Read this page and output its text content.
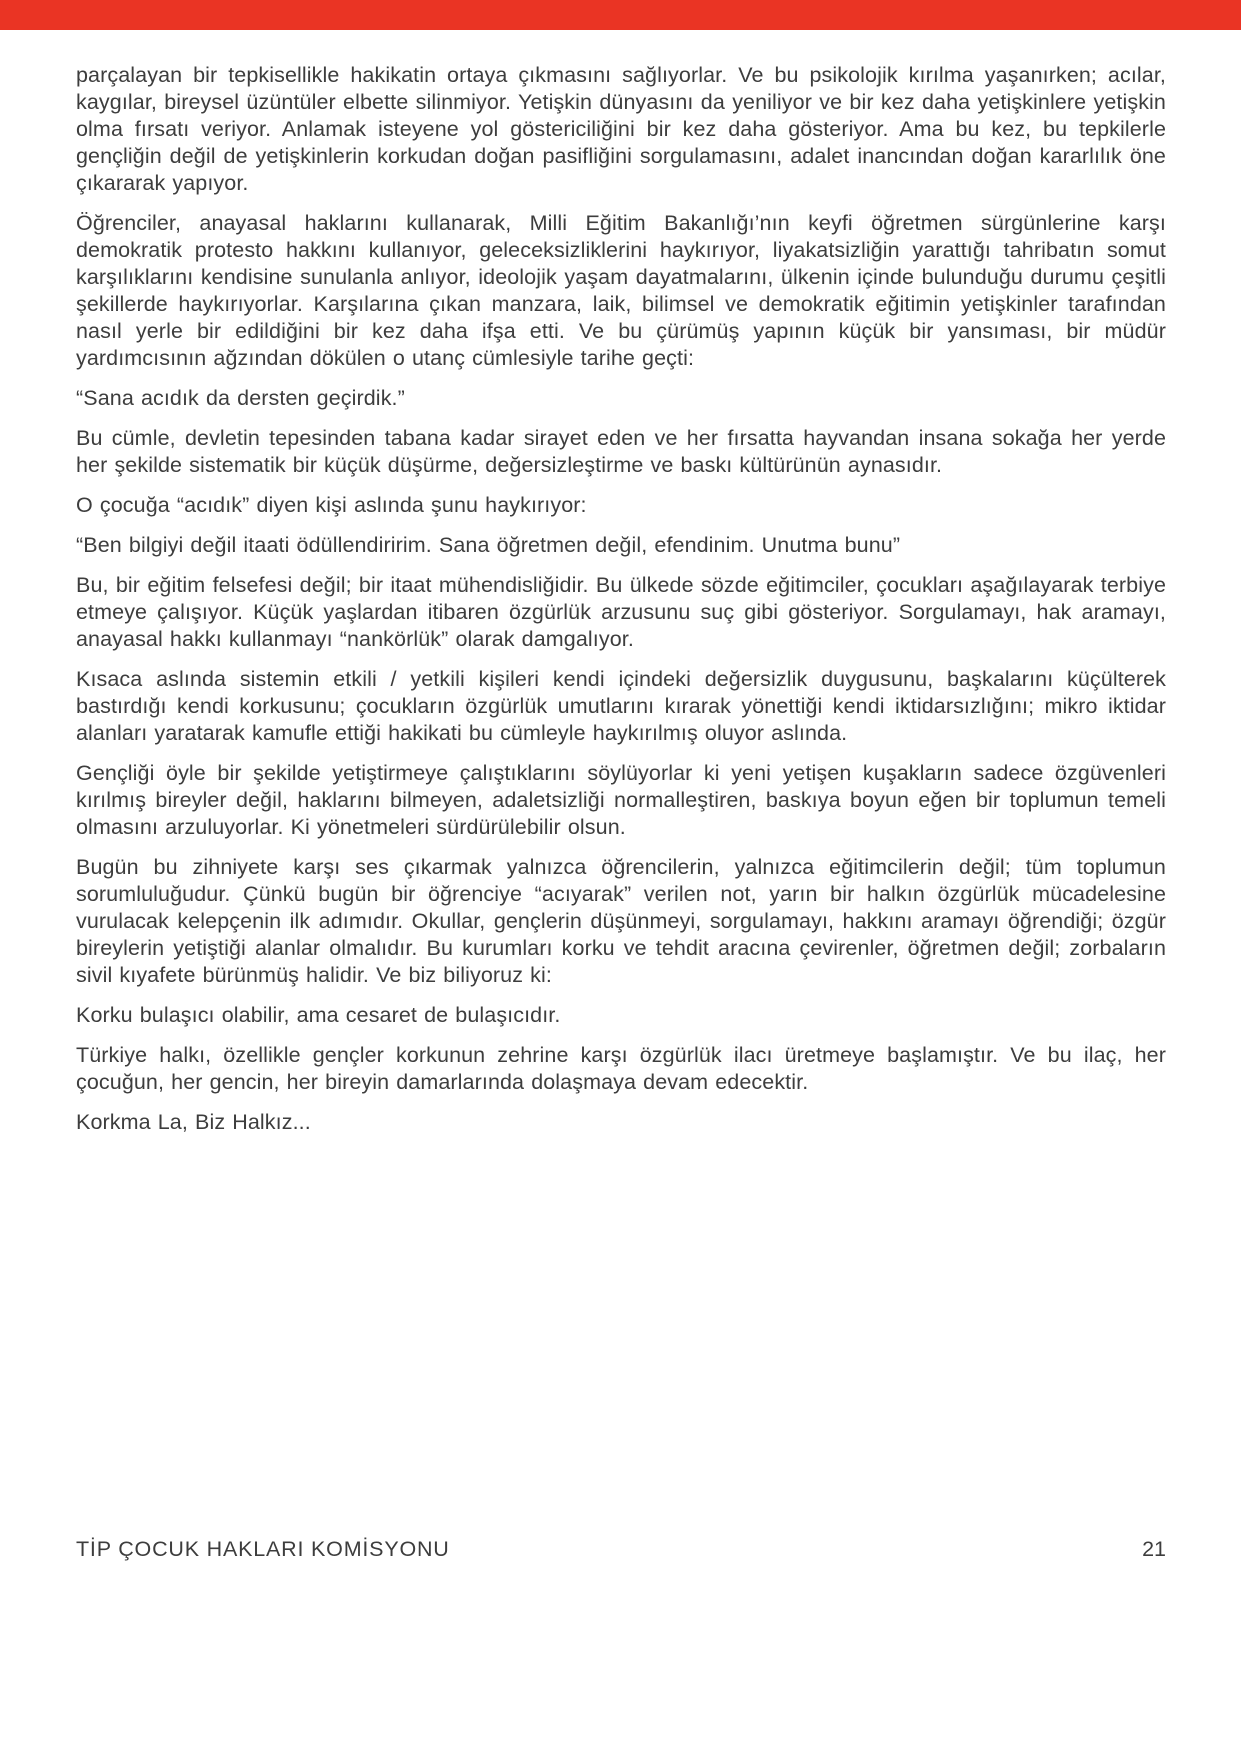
parçalayan bir tepkisellikle hakikatin ortaya çıkmasını sağlıyorlar. Ve bu psikolojik kırılma yaşanırken; acılar, kaygılar, bireysel üzüntüler elbette silinmiyor. Yetişkin dünyasını da yeniliyor ve bir kez daha yetişkinlere yetişkin olma fırsatı veriyor. Anlamak isteyene yol göstericiliğini bir kez daha gösteriyor. Ama bu kez, bu tepkilerle gençliğin değil de yetişkinlerin korkudan doğan pasifliğini sorgulamasını, adalet inancından doğan kararlılık öne çıkararak yapıyor.

Öğrenciler, anayasal haklarını kullanarak, Milli Eğitim Bakanlığı’nın keyfi öğretmen sürgünlerine karşı demokratik protesto hakkını kullanıyor, geleceksizliklerini haykırıyor, liyakatsizliğin yarattığı tahribatın somut karşılıklarını kendisine sunulanla anlıyor, ideolojik yaşam dayatmalarını, ülkenin içinde bulunduğu durumu çeşitli şekillerde haykırıyorlar. Karşılarına çıkan manzara, laik, bilimsel ve demokratik eğitimin yetişkinler tarafından nasıl yerle bir edildiğini bir kez daha ifşa etti. Ve bu çürümüş yapının küçük bir yansıması, bir müdür yardımcısının ağzından dökülen o utanç cümlesiyle tarihe geçti:

“Sana acıdık da dersten geçirdik.”

Bu cümle, devletin tepesinden tabana kadar sirayet eden ve her fırsatta hayvandan insana sokağa her yerde her şekilde sistematik bir küçük düşürme, değersizleştirme ve baskı kültürünün aynasıdır.

O çocuğa “acıdık” diyen kişi aslında şunu haykırıyor:

“Ben bilgiyi değil itaati ödüllendiririm. Sana öğretmen değil, efendinim. Unutma bunu”

Bu, bir eğitim felsefesi değil; bir itaat mühendisliğidir. Bu ülkede sözde eğitimciler, çocukları aşağılayarak terbiye etmeye çalışıyor. Küçük yaşlardan itibaren özgürlük arzusunu suç gibi gösteriyor. Sorgulamayı, hak aramayı, anayasal hakkı kullanmayı “nankörlük” olarak damgalıyor.

Kısaca aslında sistemin etkili / yetkili kişileri kendi içindeki değersizlik duygusunu, başkalarını küçülterek bastırdığı kendi korkusunu; çocukların özgürlük umutlarını kırarak yönettiği kendi iktidarsızlığını; mikro iktidar alanları yaratarak kamufle ettiği hakikati bu cümleyle haykırılmış oluyor aslında.

Gençliği öyle bir şekilde yetiştirmeye çalıştıklarını söylüyorlar ki yeni yetişen kuşakların sadece özgüvenleri kırılmış bireyler değil, haklarını bilmeyen, adaletsizliği normalleştiren, baskıya boyun eğen bir toplumun temeli olmasını arzuluyorlar. Ki yönetmeleri sürdürülebilir olsun.

Bugün bu zihniyete karşı ses çıkarmak yalnızca öğrencilerin, yalnızca eğitimcilerin değil; tüm toplumun sorumluluğudur. Çünkü bugün bir öğrenciye “acıyarak” verilen not, yarın bir halkın özgürlük mücadelesine vurulacak kelepçenin ilk adımıdır. Okullar, gençlerin düşünmeyi, sorgulamayı, hakkını aramayı öğrendiği; özgür bireylerin yetiştiği alanlar olmalıdır. Bu kurumları korku ve tehdit aracına çevirenler, öğretmen değil; zorbaların sivil kıyafete bürünmüş halidir. Ve biz biliyoruz ki:

Korku bulaşıcı olabilir, ama cesaret de bulaşıcıdır.

Türkiye halkı, özellikle gençler korkunun zehrine karşı özgürlük ilacı üretmeye başlamıştır. Ve bu ilaç, her çocuğun, her gencin, her bireyin damarlarında dolaşmaya devam edecektir.

Korkma La, Biz Halkız...

TİP ÇOCUK HAKLARI KOMİSYONU	21
